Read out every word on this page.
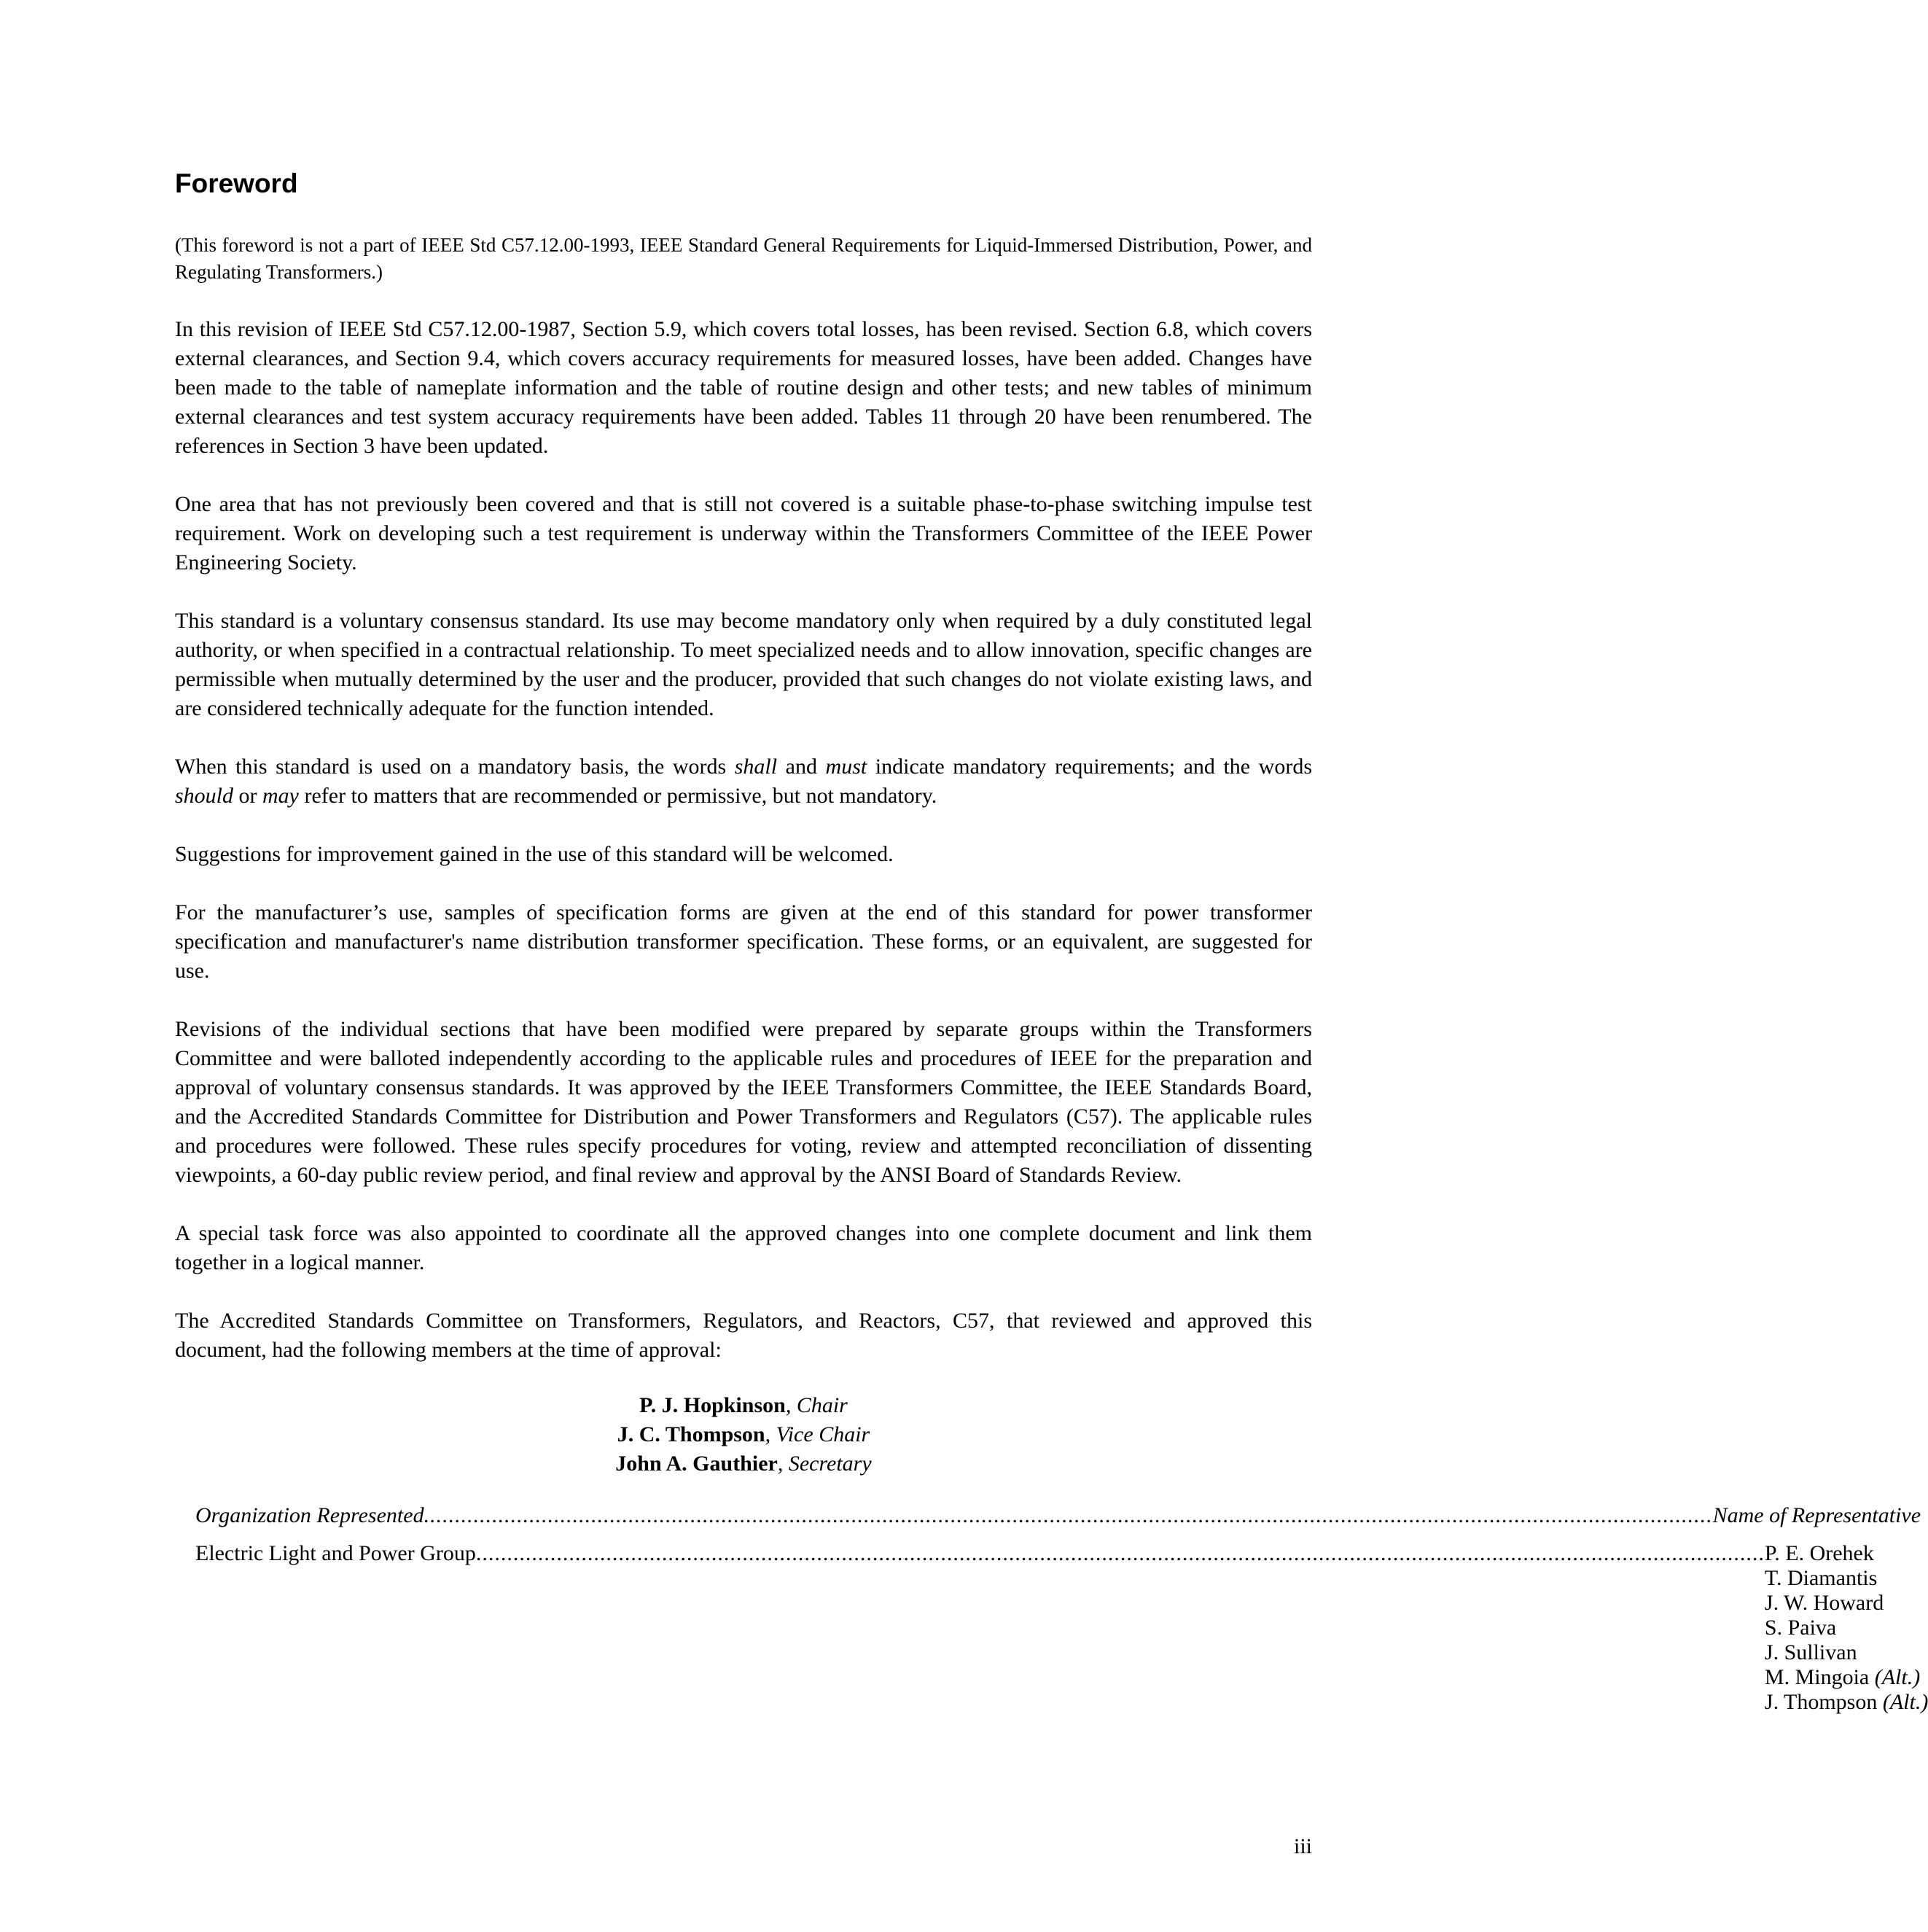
Foreword

(This foreword is not a part of IEEE Std C57.12.00-1993, IEEE Standard General Requirements for Liquid-Immersed Distribution, Power, and Regulating Transformers.)

In this revision of IEEE Std C57.12.00-1987, Section 5.9, which covers total losses, has been revised. Section 6.8, which covers external clearances, and Section 9.4, which covers accuracy requirements for measured losses, have been added. Changes have been made to the table of nameplate information and the table of routine design and other tests; and new tables of minimum external clearances and test system accuracy requirements have been added. Tables 11 through 20 have been renumbered. The references in Section 3 have been updated.

One area that has not previously been covered and that is still not covered is a suitable phase-to-phase switching impulse test requirement. Work on developing such a test requirement is underway within the Transformers Committee of the IEEE Power Engineering Society.

This standard is a voluntary consensus standard. Its use may become mandatory only when required by a duly constituted legal authority, or when specified in a contractual relationship. To meet specialized needs and to allow innovation, specific changes are permissible when mutually determined by the user and the producer, provided that such changes do not violate existing laws, and are considered technically adequate for the function intended.

When this standard is used on a mandatory basis, the words shall and must indicate mandatory requirements; and the words should or may refer to matters that are recommended or permissive, but not mandatory.

Suggestions for improvement gained in the use of this standard will be welcomed.

For the manufacturer’s use, samples of specification forms are given at the end of this standard for power transformer specification and manufacturer's name distribution transformer specification. These forms, or an equivalent, are suggested for use.

Revisions of the individual sections that have been modified were prepared by separate groups within the Transformers Committee and were balloted independently according to the applicable rules and procedures of IEEE for the preparation and approval of voluntary consensus standards. It was approved by the IEEE Transformers Committee, the IEEE Standards Board, and the Accredited Standards Committee for Distribution and Power Transformers and Regulators (C57). The applicable rules and procedures were followed. These rules specify procedures for voting, review and attempted reconciliation of dissenting viewpoints, a 60-day public review period, and final review and approval by the ANSI Board of Standards Review.

A special task force was also appointed to coordinate all the approved changes into one complete document and link them together in a logical manner.

The Accredited Standards Committee on Transformers, Regulators, and Reactors, C57, that reviewed and approved this document, had the following members at the time of approval:

P. J. Hopkinson, Chair
J. C. Thompson, Vice Chair
John A. Gauthier, Secretary
Organization Represented ................................................................................................................................................................................................................ Name of Representative
Electric Light and Power Group ................................................................................................................................................................................................................ P. E. Orehek
T. Diamantis
J. W. Howard
S. Paiva
J. Sullivan
M. Mingoia (Alt.)
J. Thompson (Alt.)
iii
